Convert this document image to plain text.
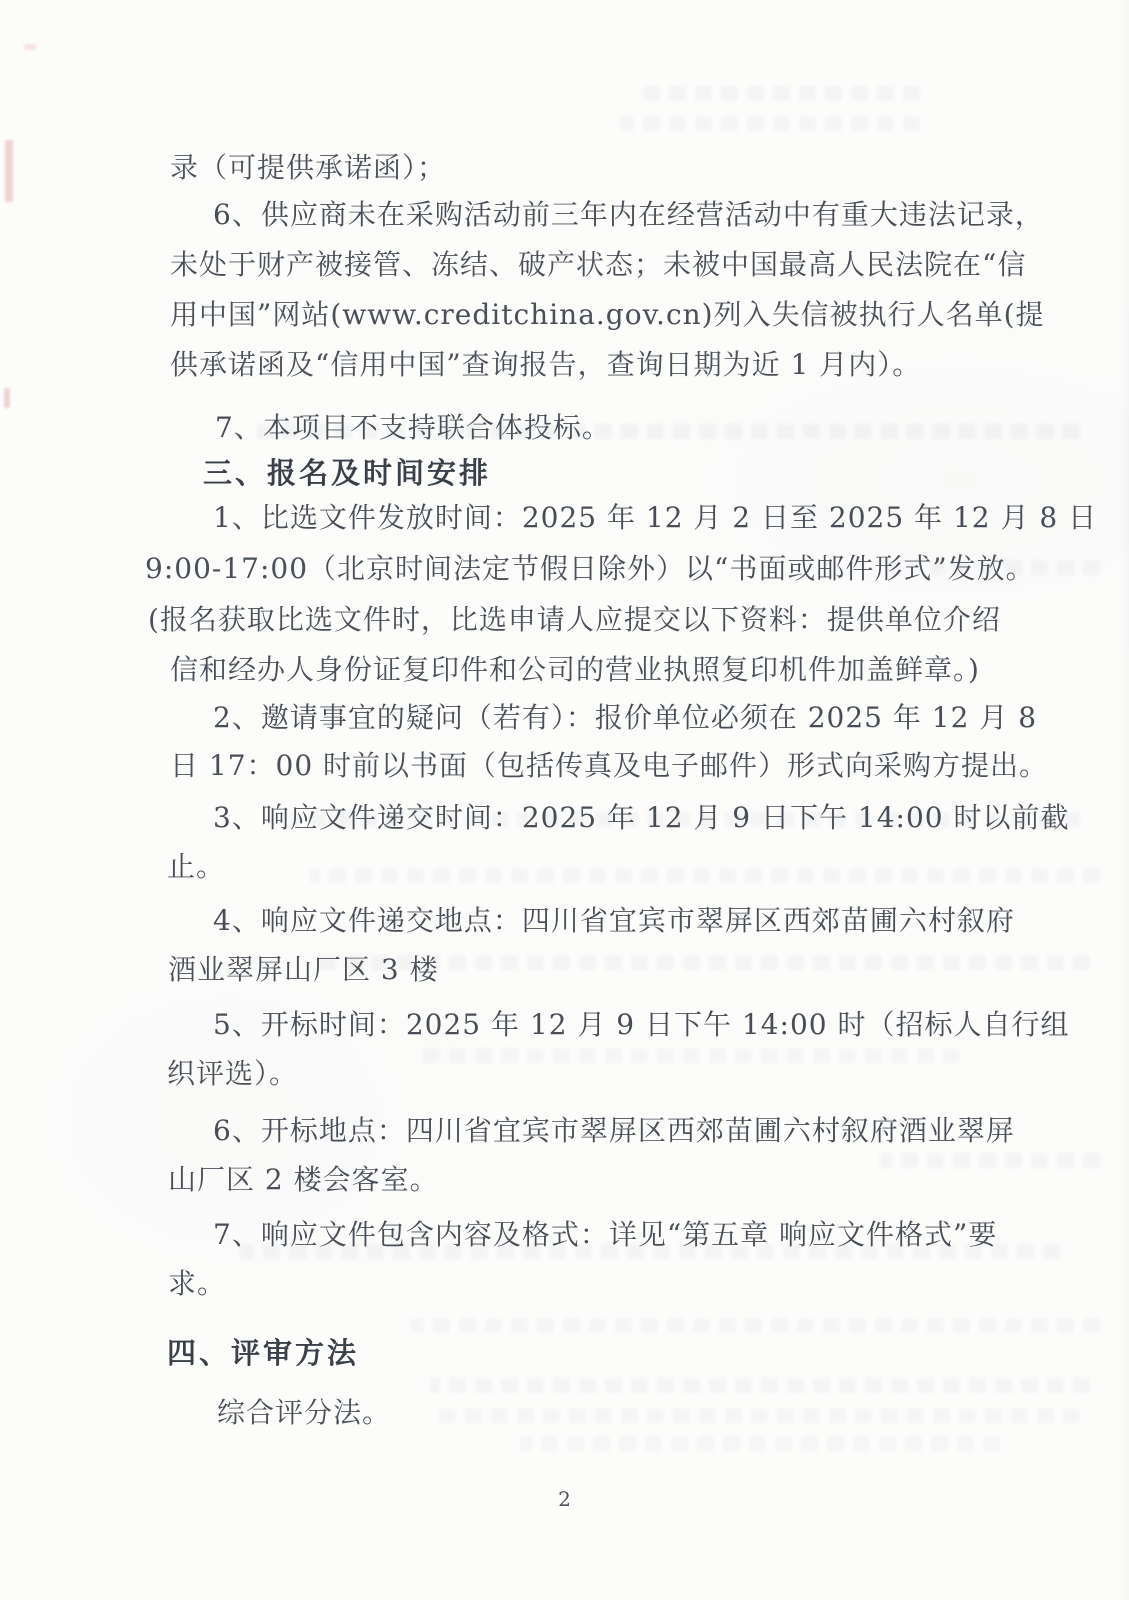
录（可提供承诺函）；
6、供应商未在采购活动前三年内在经营活动中有重大违法记录，
未处于财产被接管、冻结、破产状态；未被中国最高人民法院在“信
用中国”网站(www.creditchina.gov.cn)列入失信被执行人名单(提
供承诺函及“信用中国”查询报告，查询日期为近 1 月内）。
7、本项目不支持联合体投标。
三、报名及时间安排
1、比选文件发放时间：2025 年 12 月 2 日至 2025 年 12 月 8 日
9:00-17:00（北京时间法定节假日除外）以“书面或邮件形式”发放。
(报名获取比选文件时，比选申请人应提交以下资料：提供单位介绍
信和经办人身份证复印件和公司的营业执照复印机件加盖鲜章。)
2、邀请事宜的疑问（若有）：报价单位必须在 2025 年 12 月 8
日 17：00 时前以书面（包括传真及电子邮件）形式向采购方提出。
3、响应文件递交时间：2025 年 12 月 9 日下午 14:00 时以前截
止。
4、响应文件递交地点：四川省宜宾市翠屏区西郊苗圃六村叙府
酒业翠屏山厂区 3 楼
5、开标时间：2025 年 12 月 9 日下午 14:00 时（招标人自行组
织评选）。
6、开标地点：四川省宜宾市翠屏区西郊苗圃六村叙府酒业翠屏
山厂区 2 楼会客室。
7、响应文件包含内容及格式：详见“第五章 响应文件格式”要
求。
四、评审方法
综合评分法。
2
